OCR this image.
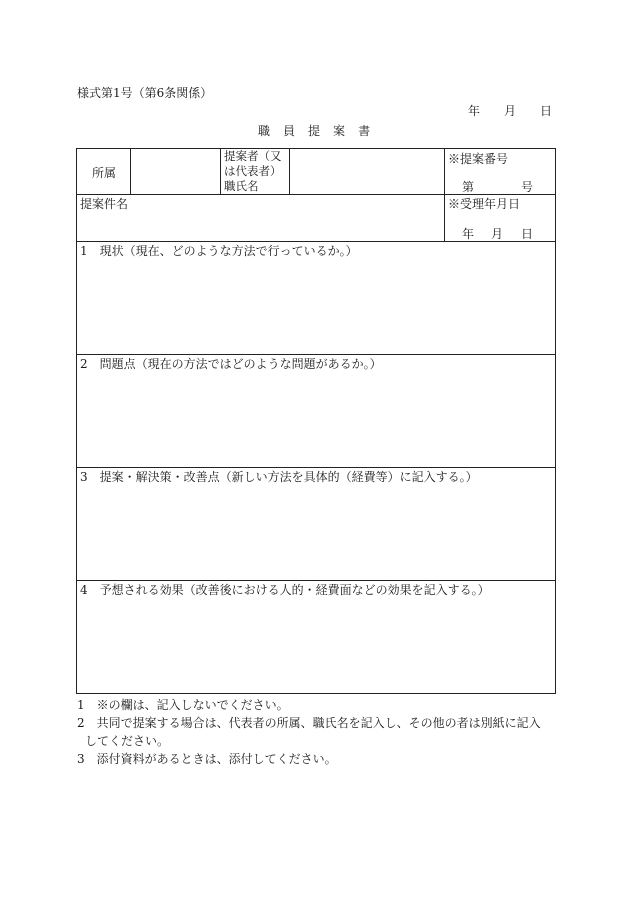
様式第1号（第6条関係）
年 月 日
職 員 提 案 書
所属
提案者（又
は代表者）
職氏名
※提案番号
第	号
提案件名	※受理年月日
年 月 日
1　現状（現在、どのような方法で行っているか。）
2　問題点（現在の方法ではどのような問題があるか。）
3　提案・解決策・改善点（新しい方法を具体的（経費等）に記入する。）
4　予想される効果（改善後における人的・経費面などの効果を記入する。）
1　※の欄は、記入しないでください。
2　共同で提案する場合は、代表者の所属、職氏名を記入し、その他の者は別紙に記入
してください。
3　添付資料があるときは、添付してください。
